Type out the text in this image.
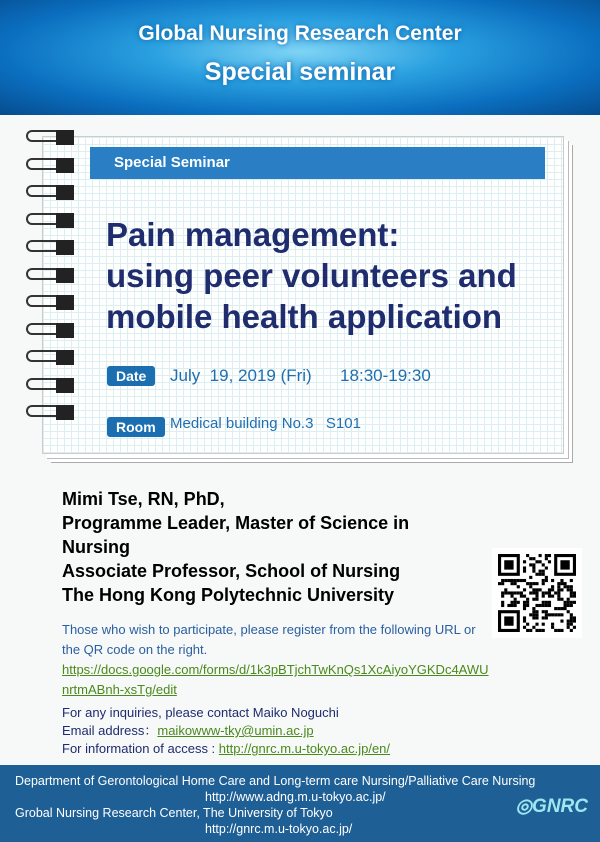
Global Nursing Research Center
Special seminar
Special Seminar
Pain management:
using peer volunteers and
mobile health application
Date	July  19, 2019 (Fri)      18:30-19:30
Room Medical building No.3   S101
Mimi Tse, RN, PhD,
Programme Leader, Master of Science in
Nursing
Associate Professor, School of Nursing
The Hong Kong Polytechnic University
Those who wish to participate, please register from the following URL or the QR code on the right.
https://docs.google.com/forms/d/1k3pBTjchTwKnQs1XcAiyoYGKDc4AWUnrtmABnh-xsTg/edit
For any inquiries, please contact Maiko Noguchi
Email address：maikowww-tky@umin.ac.jp
For information of access : http://gnrc.m.u-tokyo.ac.jp/en/
Department of Gerontological Home Care and Long-term care Nursing/Palliative Care Nursing
http://www.adng.m.u-tokyo.ac.jp/
Grobal Nursing Research Center, The University of Tokyo
http://gnrc.m.u-tokyo.ac.jp/
◎GNRC
